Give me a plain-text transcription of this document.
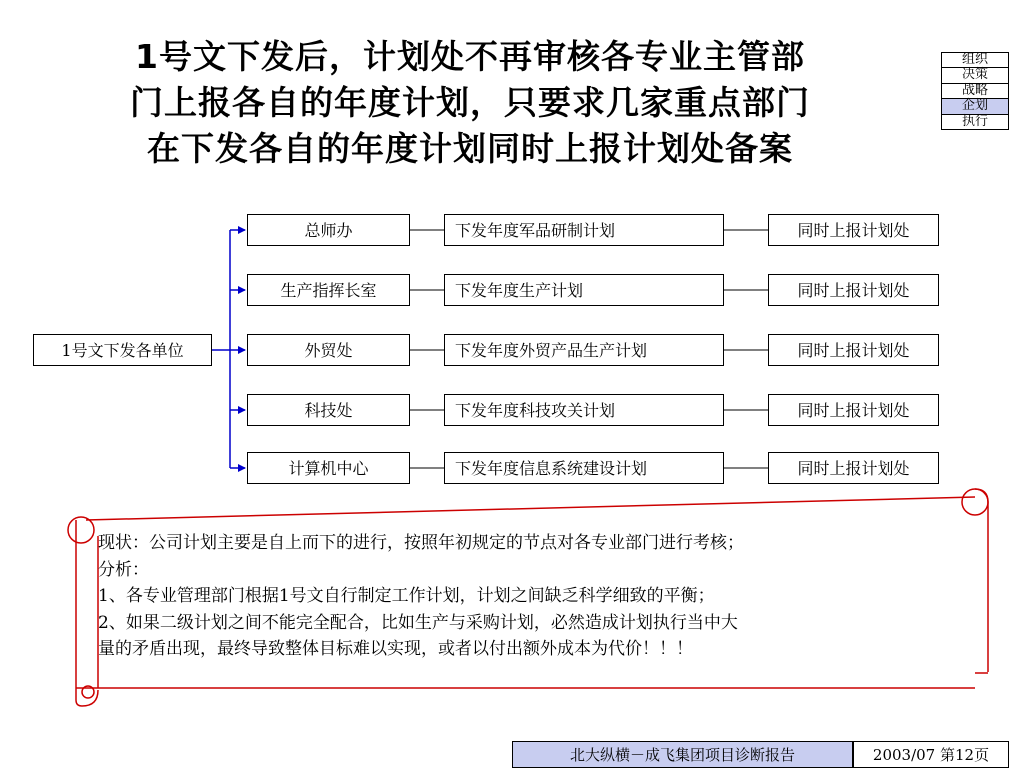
1号文下发后，计划处不再审核各专业主管部
门上报各自的年度计划，只要求几家重点部门
在下发各自的年度计划同时上报计划处备案
组织
决策
战略
企划
执行
1号文下发各单位
总师办	下发年度军品研制计划	同时上报计划处
生产指挥长室	下发年度生产计划	同时上报计划处
外贸处	下发年度外贸产品生产计划	同时上报计划处
科技处	下发年度科技攻关计划	同时上报计划处
计算机中心	下发年度信息系统建设计划	同时上报计划处
现状：公司计划主要是自上而下的进行，按照年初规定的节点对各专业部门进行考核；
分析：
1、各专业管理部门根据1号文自行制定工作计划，计划之间缺乏科学细致的平衡；
2、如果二级计划之间不能完全配合，比如生产与采购计划，必然造成计划执行当中大
量的矛盾出现，最终导致整体目标难以实现，或者以付出额外成本为代价！！！
北大纵横－成飞集团项目诊断报告	2003/07 第12页
